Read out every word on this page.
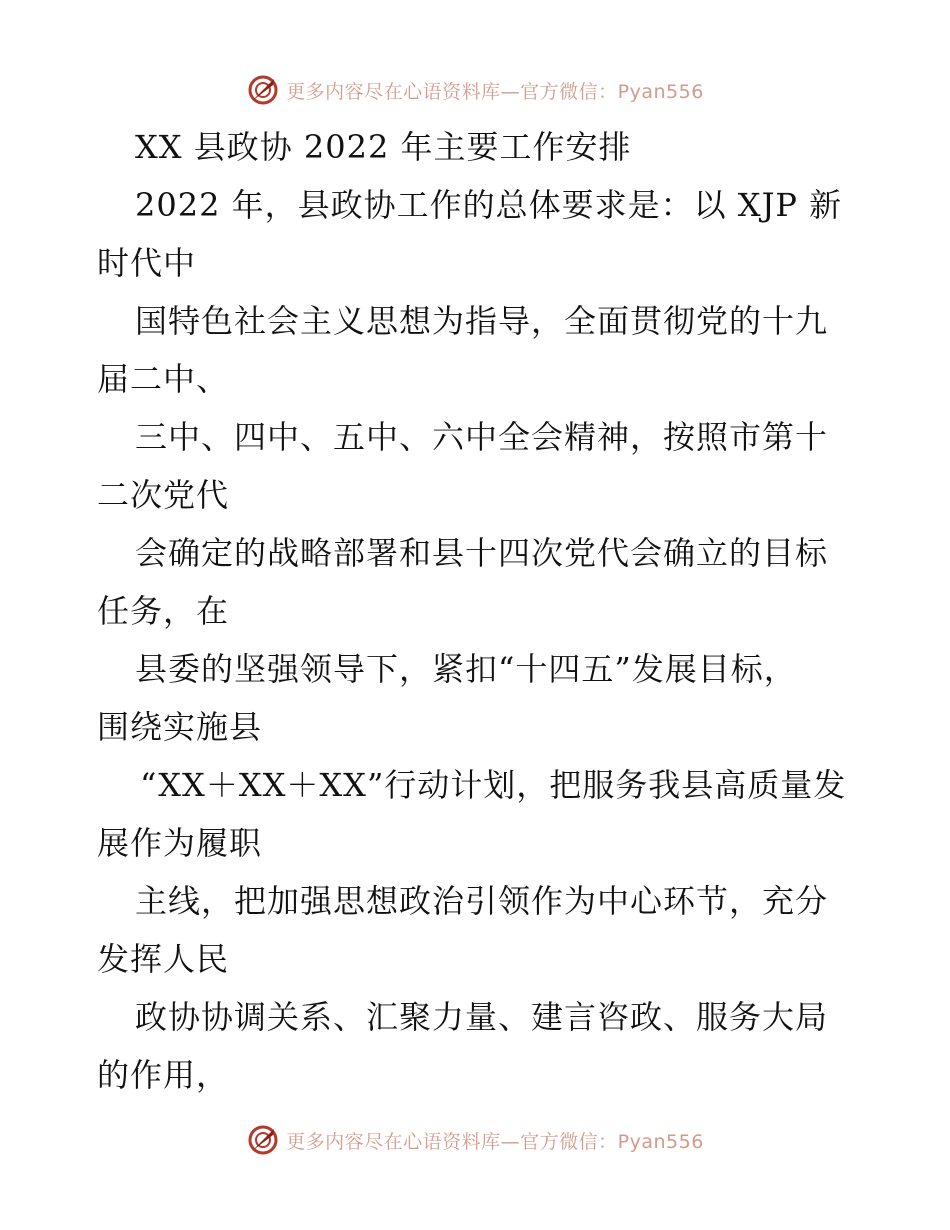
更多内容尽在心语资料库—官方微信：Pyan556
XX 县政协 2022 年主要工作安排
2022 年，县政协工作的总体要求是：以 XJP 新
时代中
国特色社会主义思想为指导，全面贯彻党的十九
届二中、
三中、四中、五中、六中全会精神，按照市第十
二次党代
会确定的战略部署和县十四次党代会确立的目标
任务，在
县委的坚强领导下，紧扣“十四五”发展目标，
围绕实施县
“XX＋XX＋XX”行动计划，把服务我县高质量发
展作为履职
主线，把加强思想政治引领作为中心环节，充分
发挥人民
政协协调关系、汇聚力量、建言咨政、服务大局
的作用，
更多内容尽在心语资料库—官方微信：Pyan556
